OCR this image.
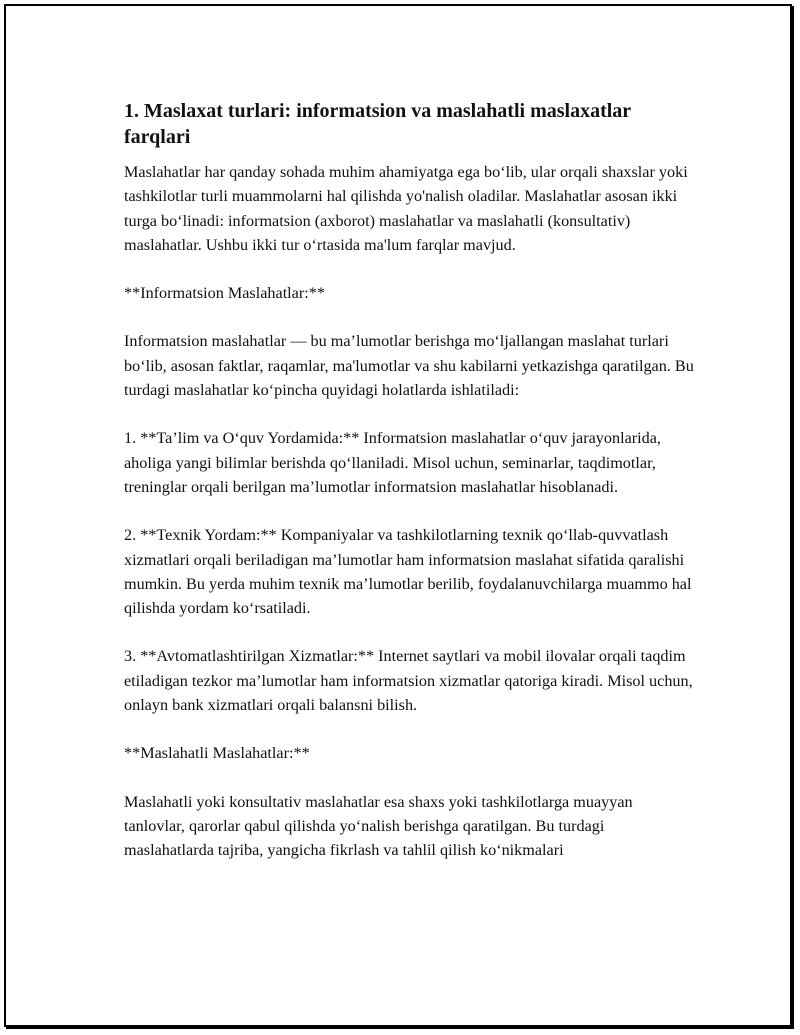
1. Maslaxat turlari: informatsion va maslahatli maslaxatlar farqlari

Maslahatlar har qanday sohada muhim ahamiyatga ega bo‘lib, ular orqali shaxslar yoki tashkilotlar turli muammolarni hal qilishda yo'nalish oladilar. Maslahatlar asosan ikki turga bo‘linadi: informatsion (axborot) maslahatlar va maslahatli (konsultativ) maslahatlar. Ushbu ikki tur o‘rtasida ma'lum farqlar mavjud.

**Informatsion Maslahatlar:**

Informatsion maslahatlar — bu ma’lumotlar berishga mo‘ljallangan maslahat turlari bo‘lib, asosan faktlar, raqamlar, ma'lumotlar va shu kabilarni yetkazishga qaratilgan. Bu turdagi maslahatlar ko‘pincha quyidagi holatlarda ishlatiladi:

1. **Ta’lim va O‘quv Yordamida:** Informatsion maslahatlar o‘quv jarayonlarida, aholiga yangi bilimlar berishda qo‘llaniladi. Misol uchun, seminarlar, taqdimotlar, treninglar orqali berilgan ma’lumotlar informatsion maslahatlar hisoblanadi.

2. **Texnik Yordam:** Kompaniyalar va tashkilotlarning texnik qo‘llab-quvvatlash xizmatlari orqali beriladigan ma’lumotlar ham informatsion maslahat sifatida qaralishi mumkin. Bu yerda muhim texnik ma’lumotlar berilib, foydalanuvchilarga muammo hal qilishda yordam ko‘rsatiladi.

3. **Avtomatlashtirilgan Xizmatlar:** Internet saytlari va mobil ilovalar orqali taqdim etiladigan tezkor ma’lumotlar ham informatsion xizmatlar qatoriga kiradi. Misol uchun, onlayn bank xizmatlari orqali balansni bilish.

**Maslahatli Maslahatlar:**

Maslahatli yoki konsultativ maslahatlar esa shaxs yoki tashkilotlarga muayyan tanlovlar, qarorlar qabul qilishda yo‘nalish berishga qaratilgan. Bu turdagi maslahatlarda tajriba, yangicha fikrlash va tahlil qilish ko‘nikmalari
